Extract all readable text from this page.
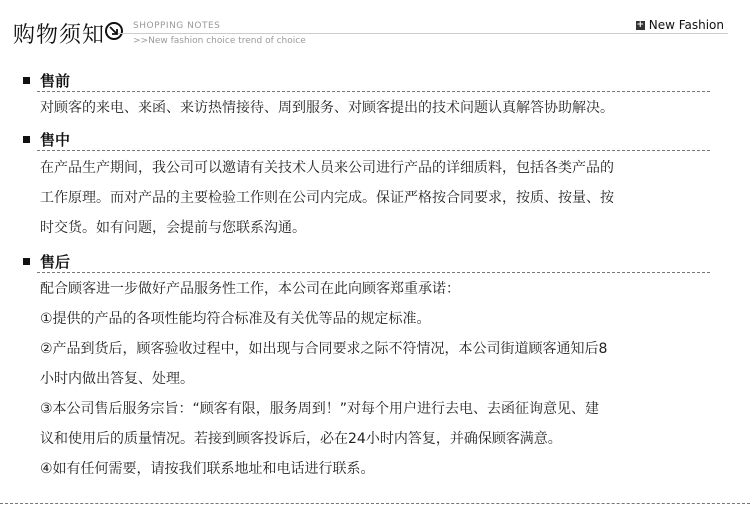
购物须知	SHOPPING NOTES
>>New fashion choice trend of choice
+ New Fashion
售前
对顾客的来电、来函、来访热情接待、周到服务、对顾客提出的技术问题认真解答协助解决。
售中
在产品生产期间，我公司可以邀请有关技术人员来公司进行产品的详细质料，包括各类产品的
工作原理。而对产品的主要检验工作则在公司内完成。保证严格按合同要求，按质、按量、按
时交货。如有问题，会提前与您联系沟通。
售后
配合顾客进一步做好产品服务性工作，本公司在此向顾客郑重承诺：
①提供的产品的各项性能均符合标准及有关优等品的规定标准。
②产品到货后，顾客验收过程中，如出现与合同要求之际不符情况，本公司街道顾客通知后8
小时内做出答复、处理。
③本公司售后服务宗旨：“顾客有限，服务周到！”对每个用户进行去电、去函征询意见、建
议和使用后的质量情况。若接到顾客投诉后，必在24小时内答复，并确保顾客满意。
④如有任何需要，请按我们联系地址和电话进行联系。
